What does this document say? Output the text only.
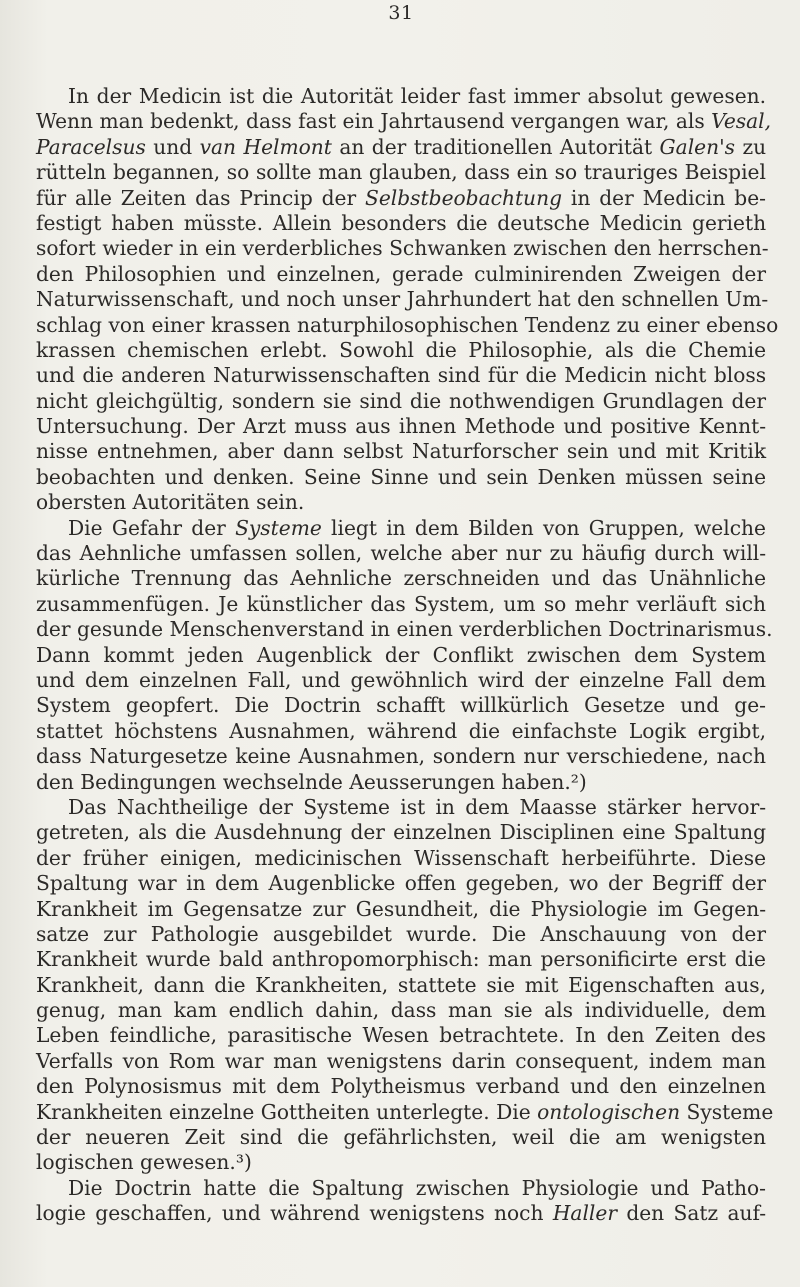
31
In der Medicin ist die Autorität leider fast immer absolut gewesen.
Wenn man bedenkt, dass fast ein Jahrtausend vergangen war, als Vesal,
Paracelsus und van Helmont an der traditionellen Autorität Galen's zu
rütteln begannen, so sollte man glauben, dass ein so trauriges Beispiel
für alle Zeiten das Princip der Selbstbeobachtung in der Medicin be-
festigt haben müsste. Allein besonders die deutsche Medicin gerieth
sofort wieder in ein verderbliches Schwanken zwischen den herrschen-
den Philosophien und einzelnen, gerade culminirenden Zweigen der
Naturwissenschaft, und noch unser Jahrhundert hat den schnellen Um-
schlag von einer krassen naturphilosophischen Tendenz zu einer ebenso
krassen chemischen erlebt. Sowohl die Philosophie, als die Chemie
und die anderen Naturwissenschaften sind für die Medicin nicht bloss
nicht gleichgültig, sondern sie sind die nothwendigen Grundlagen der
Untersuchung. Der Arzt muss aus ihnen Methode und positive Kennt-
nisse entnehmen, aber dann selbst Naturforscher sein und mit Kritik
beobachten und denken. Seine Sinne und sein Denken müssen seine
obersten Autoritäten sein.
Die Gefahr der Systeme liegt in dem Bilden von Gruppen, welche
das Aehnliche umfassen sollen, welche aber nur zu häufig durch will-
kürliche Trennung das Aehnliche zerschneiden und das Unähnliche
zusammenfügen. Je künstlicher das System, um so mehr verläuft sich
der gesunde Menschenverstand in einen verderblichen Doctrinarismus.
Dann kommt jeden Augenblick der Conflikt zwischen dem System
und dem einzelnen Fall, und gewöhnlich wird der einzelne Fall dem
System geopfert. Die Doctrin schafft willkürlich Gesetze und ge-
stattet höchstens Ausnahmen, während die einfachste Logik ergibt,
dass Naturgesetze keine Ausnahmen, sondern nur verschiedene, nach
den Bedingungen wechselnde Aeusserungen haben.²)
Das Nachtheilige der Systeme ist in dem Maasse stärker hervor-
getreten, als die Ausdehnung der einzelnen Disciplinen eine Spaltung
der früher einigen, medicinischen Wissenschaft herbeiführte. Diese
Spaltung war in dem Augenblicke offen gegeben, wo der Begriff der
Krankheit im Gegensatze zur Gesundheit, die Physiologie im Gegen-
satze zur Pathologie ausgebildet wurde. Die Anschauung von der
Krankheit wurde bald anthropomorphisch: man personificirte erst die
Krankheit, dann die Krankheiten, stattete sie mit Eigenschaften aus,
genug, man kam endlich dahin, dass man sie als individuelle, dem
Leben feindliche, parasitische Wesen betrachtete. In den Zeiten des
Verfalls von Rom war man wenigstens darin consequent, indem man
den Polynosismus mit dem Polytheismus verband und den einzelnen
Krankheiten einzelne Gottheiten unterlegte. Die ontologischen Systeme
der neueren Zeit sind die gefährlichsten, weil die am wenigsten
logischen gewesen.³)
Die Doctrin hatte die Spaltung zwischen Physiologie und Patho-
logie geschaffen, und während wenigstens noch Haller den Satz auf-
